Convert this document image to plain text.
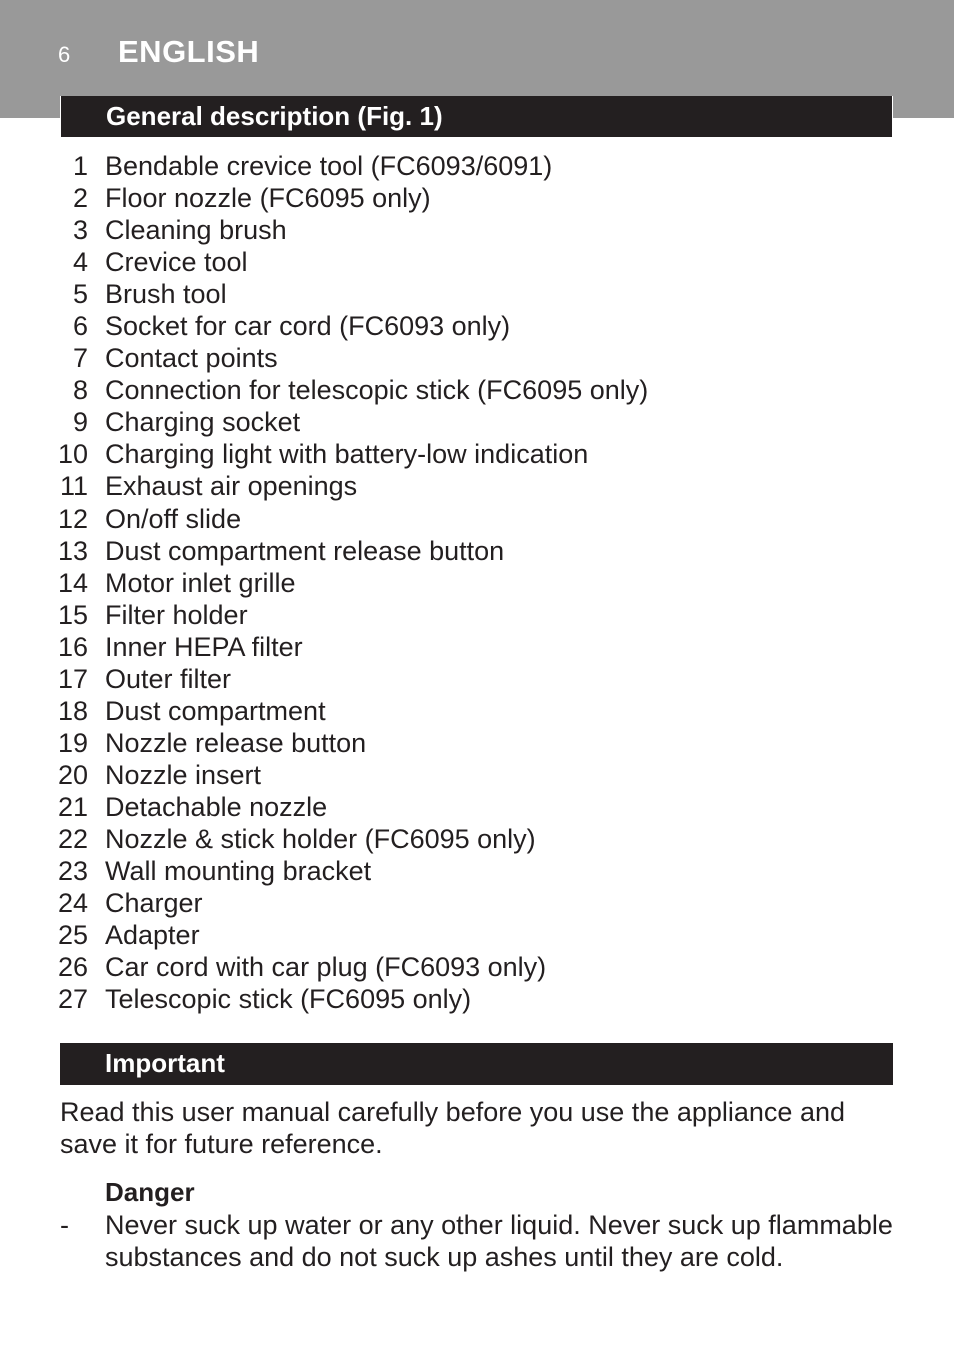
6 ENGLISH
General description (Fig. 1)
1 Bendable crevice tool (FC6093/6091)
2 Floor nozzle (FC6095 only)
3 Cleaning brush
4 Crevice tool
5 Brush tool
6 Socket for car cord (FC6093 only)
7 Contact points
8 Connection for telescopic stick (FC6095 only)
9 Charging socket
10 Charging light with battery-low indication
11 Exhaust air openings
12 On/off slide
13 Dust compartment release button
14 Motor inlet grille
15 Filter holder
16 Inner HEPA filter
17 Outer filter
18 Dust compartment
19 Nozzle release button
20 Nozzle insert
21 Detachable nozzle
22 Nozzle & stick holder (FC6095 only)
23 Wall mounting bracket
24 Charger
25 Adapter
26 Car cord with car plug (FC6093 only)
27 Telescopic stick (FC6095 only)
Important
Read this user manual carefully before you use the appliance and save it for future reference.
Danger
- Never suck up water or any other liquid. Never suck up flammable substances and do not suck up ashes until they are cold.
